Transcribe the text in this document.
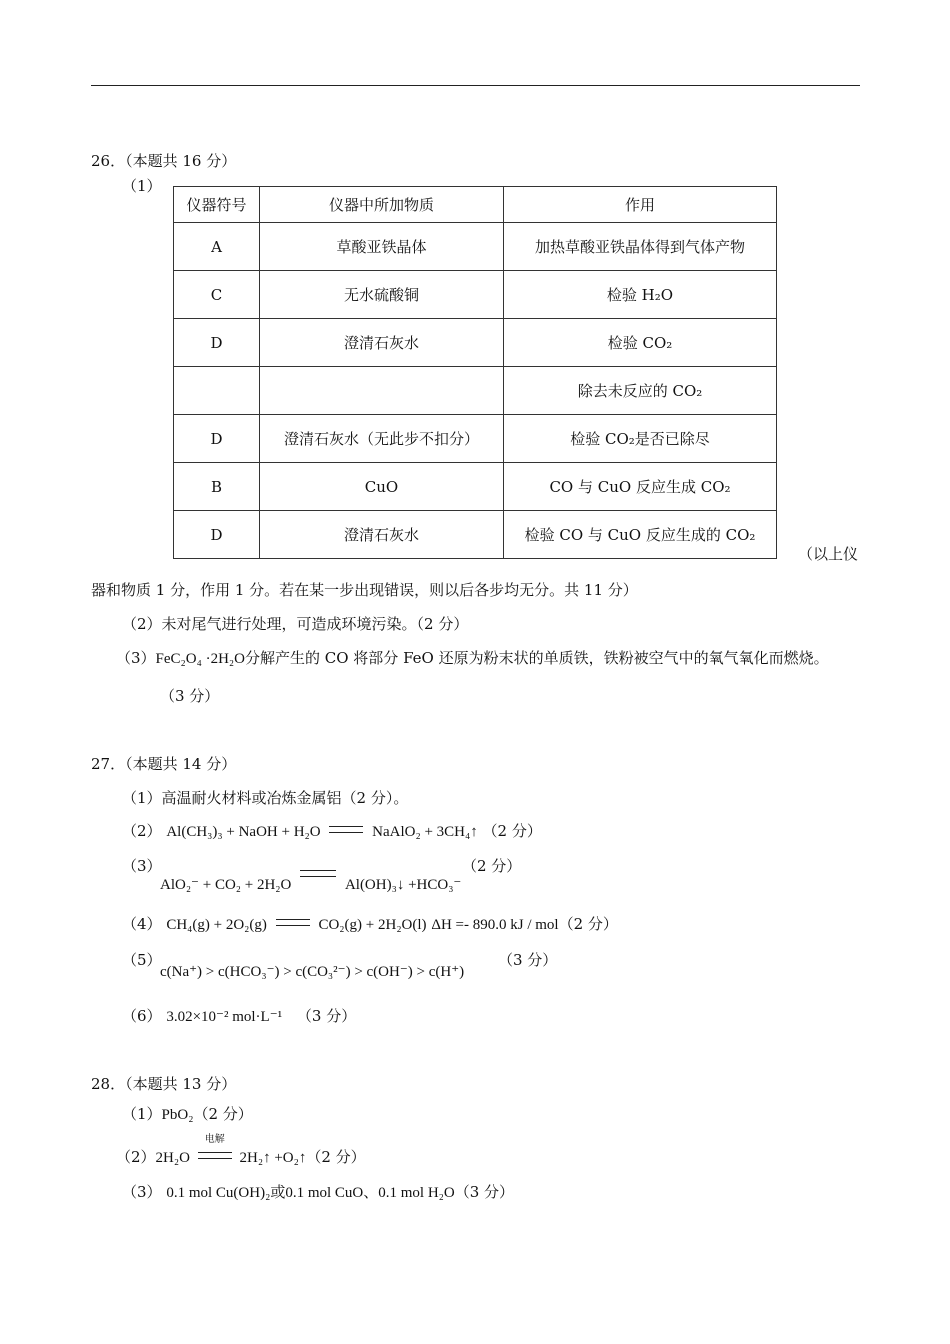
26．（本题共 16 分）
（1）
仪器符号	仪器中所加物质	作用
A	草酸亚铁晶体	加热草酸亚铁晶体得到气体产物
C	无水硫酸铜	检验 H₂O
D	澄清石灰水	检验 CO₂
		除去未反应的 CO₂
D	澄清石灰水（无此步不扣分）	检验 CO₂是否已除尽
B	CuO	CO 与 CuO 反应生成 CO₂
D	澄清石灰水	检验 CO 与 CuO 反应生成的 CO₂
（以上仪
器和物质 1 分，作用 1 分。若在某一步出现错误，则以后各步均无分。共 11 分）
（2）未对尾气进行处理，可造成环境污染。（2 分）
（3）FeC₂O₄ ·2H₂O分解产生的 CO 将部分 FeO 还原为粉末状的单质铁，铁粉被空气中的氧气氧化而燃烧。
（3 分）
27．（本题共 14 分）
（1）高温耐火材料或冶炼金属铝（2 分）。
（2） Al(CH₃)₃ + NaOH + H₂O	NaAlO₂ + 3CH₄↑ （2 分）
（3）
AlO₂⁻ + CO₂ + 2H₂O	Al(OH)₃↓ +HCO₃⁻
（2 分）
（4） CH₄(g) + 2O₂(g)	CO₂(g) + 2H₂O(l) ΔH =- 890.0 kJ / mol（2 分）
（5）
c(Na⁺) > c(HCO₃⁻) > c(CO₃²⁻) > c(OH⁻) > c(H⁺)
（3 分）
（6） 3.02×10⁻² mol·L⁻¹ （3 分）
28．（本题共 13 分）
（1）PbO₂（2 分）
（2）2H₂O
电解
2H₂↑ +O₂↑（2 分）
（3） 0.1 mol Cu(OH)₂或0.1 mol CuO、0.1 mol H₂O（3 分）
